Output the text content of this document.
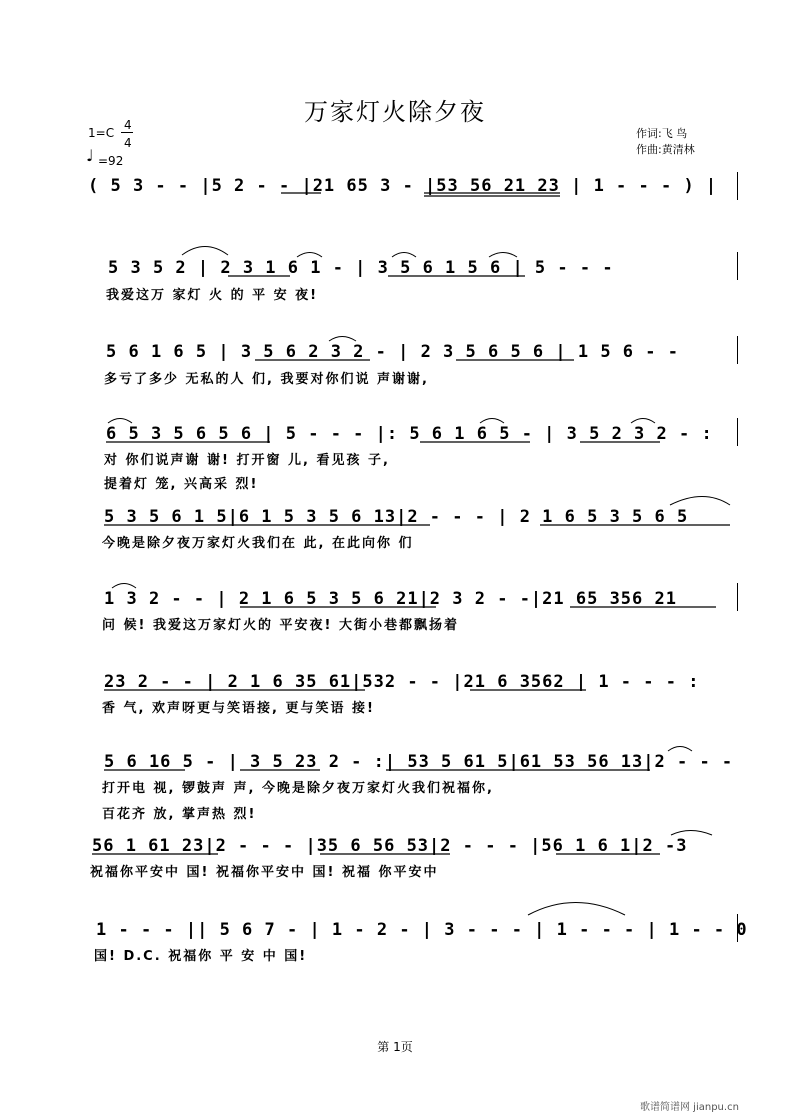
万家灯火除夕夜
1=C
4
4
♩ =92
作词:飞 鸟
作曲:黄清林
( 5 3 - - |5 2 - - |21 65 3 - |53 56 21 23 | 1 - - - ) |
5 3 5 2 | 2 3 1 6 1 - | 3 5 6 1 5 6 | 5 - - -
我爱这万 家灯 火 的 平 安 夜!
5 6 1 6 5 | 3 5 6 2 3 2 - | 2 3 5 6 5 6 | 1 5 6 - -
多亏了多少 无私的人 们, 我要对你们说 声谢谢,
6 5 3 5 6 5 6 | 5 - - - |: 5 6 1 6 5 - | 3 5 2 3 2 - :
对 你们说声谢 谢! 打开窗 儿, 看见孩 子,
提着灯 笼, 兴高采 烈!
5 3 5 6 1 5|6 1 5 3 5 6 13|2 - - - | 2 1 6 5 3 5 6 5
今晚是除夕夜万家灯火我们在 此, 在此向你 们
1 3 2 - - | 2 1 6 5 3 5 6 21|2 3 2 - -|21 65 356 21
问 候! 我爱这万家灯火的 平安夜! 大街小巷都飘扬着
23 2 - - | 2 1 6 35 61|532 - - |21 6 3562 | 1 - - - :
香 气, 欢声呀更与笑语接, 更与笑语 接!
5 6 16 5 - | 3 5 23 2 - :| 53 5 61 5|61 53 56 13|2 - - -
打开电 视, 锣鼓声 声, 今晚是除夕夜万家灯火我们祝福你,
百花齐 放, 掌声热 烈!
56 1 61 23|2 - - - |35 6 56 53|2 - - - |56 1 6 1|2 -3
祝福你平安中 国! 祝福你平安中 国! 祝福 你平安中
1 - - - || 5 6 7 - | 1 - 2 - | 3 - - - | 1 - - - | 1 - - 0
国! D.C. 祝福你 平 安 中 国!
第 1页
歌谱简谱网 jianpu.cn
